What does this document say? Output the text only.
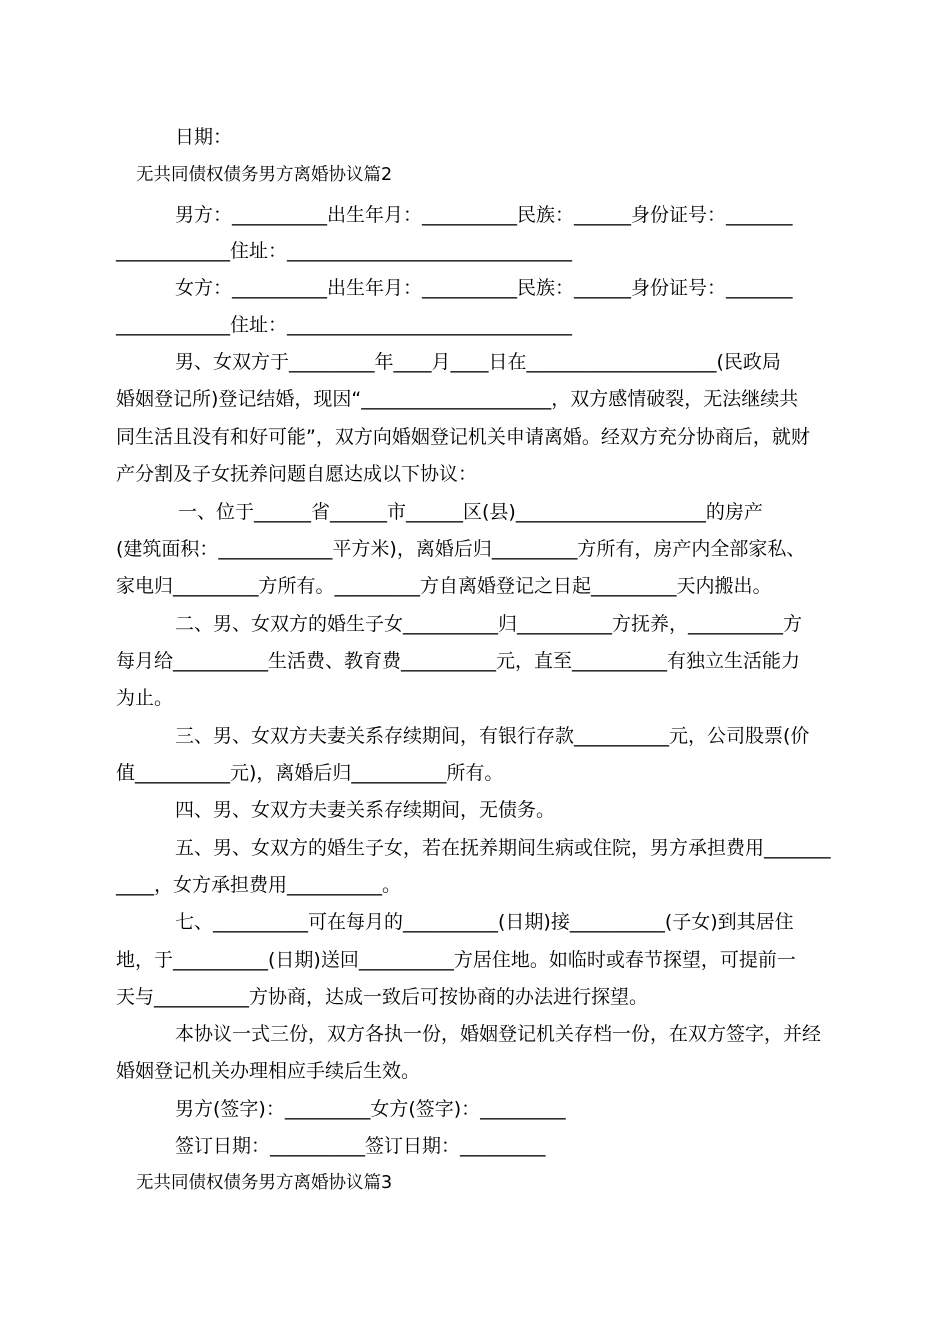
日期：
无共同债权债务男方离婚协议篇2
男方：__________出生年月：__________民族：______身份证号：_______
____________住址：______________________________
女方：__________出生年月：__________民族：______身份证号：_______
____________住址：______________________________
男、女双方于_________年____月____日在____________________(民政局
婚姻登记所)登记结婚，现因“____________________，双方感情破裂，无法继续共
同生活且没有和好可能”，双方向婚姻登记机关申请离婚。经双方充分协商后，就财
产分割及子女抚养问题自愿达成以下协议：
一、位于______省______市______区(县)____________________的房产
(建筑面积：____________平方米)，离婚后归_________方所有，房产内全部家私、
家电归_________方所有。_________方自离婚登记之日起_________天内搬出。
二、男、女双方的婚生子女__________归__________方抚养，__________方
每月给__________生活费、教育费__________元，直至__________有独立生活能力
为止。
三、男、女双方夫妻关系存续期间，有银行存款__________元，公司股票(价
值__________元)，离婚后归__________所有。
四、男、女双方夫妻关系存续期间，无债务。
五、男、女双方的婚生子女，若在抚养期间生病或住院，男方承担费用_______
____，女方承担费用__________。
七、__________可在每月的__________(日期)接__________(子女)到其居住
地，于__________(日期)送回__________方居住地。如临时或春节探望，可提前一
天与__________方协商，达成一致后可按协商的办法进行探望。
本协议一式三份，双方各执一份，婚姻登记机关存档一份，在双方签字，并经
婚姻登记机关办理相应手续后生效。
男方(签字)：_________女方(签字)：_________
签订日期：__________签订日期：_________
无共同债权债务男方离婚协议篇3
